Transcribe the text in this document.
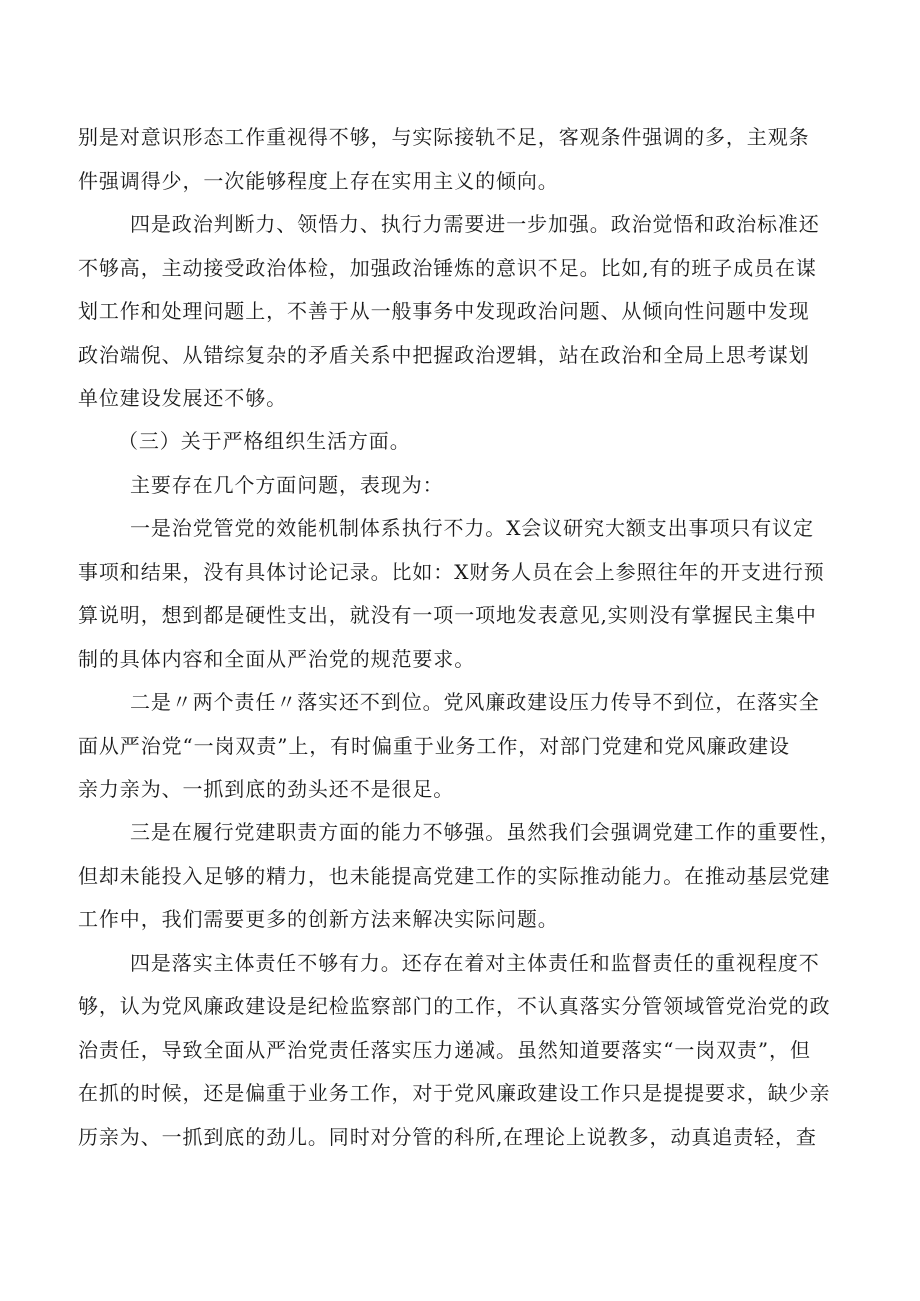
别是对意识形态工作重视得不够，与实际接轨不足，客观条件强调的多，主观条
件强调得少，一次能够程度上存在实用主义的倾向。
四是政治判断力、领悟力、执行力需要进一步加强。政治觉悟和政治标准还
不够高，主动接受政治体检，加强政治锤炼的意识不足。比如,有的班子成员在谋
划工作和处理问题上，不善于从一般事务中发现政治问题、从倾向性问题中发现
政治端倪、从错综复杂的矛盾关系中把握政治逻辑，站在政治和全局上思考谋划
单位建设发展还不够。
（三）关于严格组织生活方面。
主要存在几个方面问题，表现为：
一是治党管党的效能机制体系执行不力。X会议研究大额支出事项只有议定
事项和结果，没有具体讨论记录。比如：X财务人员在会上参照往年的开支进行预
算说明，想到都是硬性支出，就没有一项一项地发表意见,实则没有掌握民主集中
制的具体内容和全面从严治党的规范要求。
二是〃两个责任〃落实还不到位。党风廉政建设压力传导不到位，在落实全
面从严治党“一岗双责”上，有时偏重于业务工作，对部门党建和党风廉政建设
亲力亲为、一抓到底的劲头还不是很足。
三是在履行党建职责方面的能力不够强。虽然我们会强调党建工作的重要性，
但却未能投入足够的精力，也未能提高党建工作的实际推动能力。在推动基层党建
工作中，我们需要更多的创新方法来解决实际问题。
四是落实主体责任不够有力。还存在着对主体责任和监督责任的重视程度不
够，认为党风廉政建设是纪检监察部门的工作，不认真落实分管领域管党治党的政
治责任，导致全面从严治党责任落实压力递减。虽然知道要落实“一岗双责”，但
在抓的时候，还是偏重于业务工作，对于党风廉政建设工作只是提提要求，缺少亲
历亲为、一抓到底的劲儿。同时对分管的科所,在理论上说教多，动真追责轻，查
